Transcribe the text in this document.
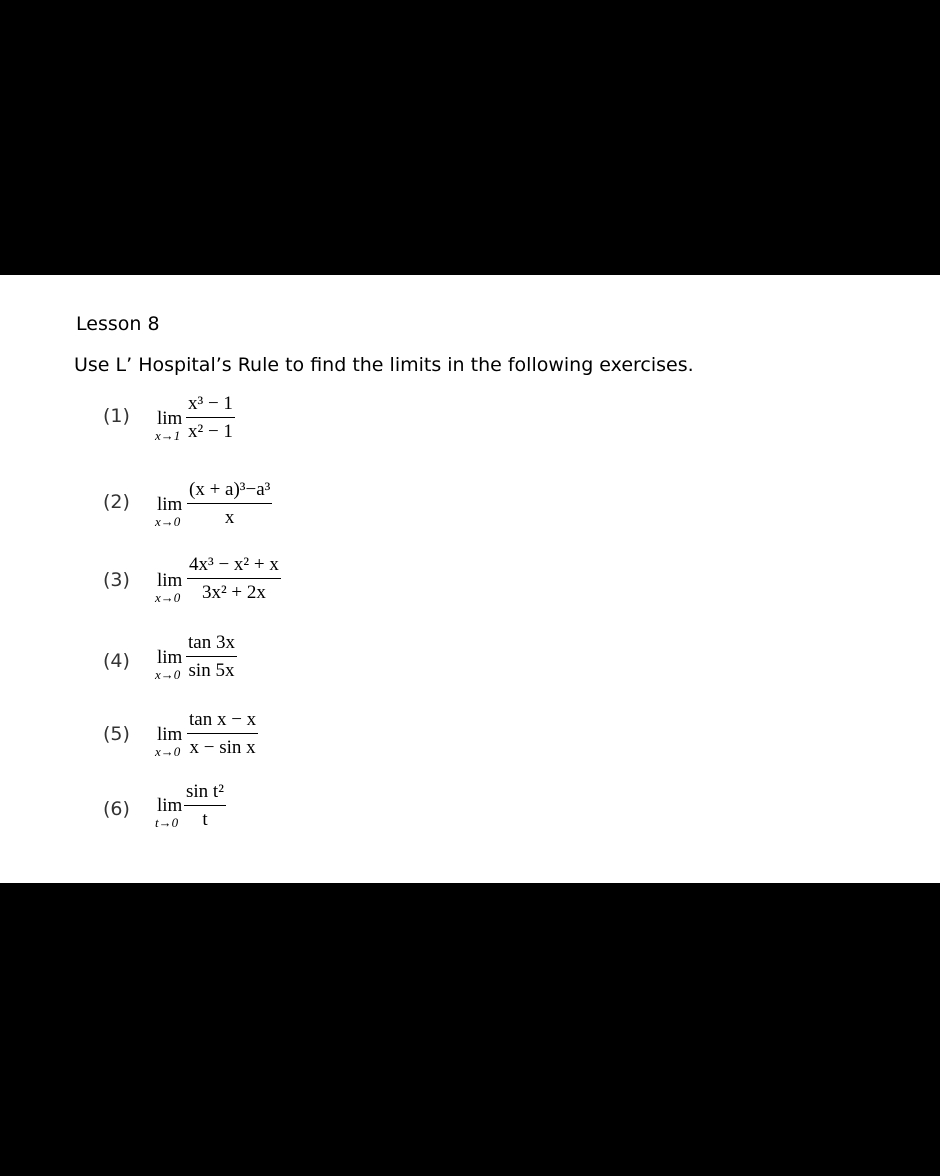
Lesson 8
Use L’ Hospital’s Rule to find the limits in the following exercises.
(1) lim
$x\to 1 \frac{\text{x³ − 1}}{\text{x² − 1}}$
(2) lim
$x\to 0 \frac{\text{(x + a)³−a³}}{x}$
(3) lim
$x\to 0 \frac{\text{4x³ − x² + x}}{\text{3x² + 2x}}$
(4) lim
$x\to 0 \frac{\tan 3x}{\sin 5x}$
(5) lim
$x\to 0 \frac{\text{tan x − x}}{\text{x − sin x}}$
(6) lim
$t\to 0 \frac{\text{sin t²}}{t}$
